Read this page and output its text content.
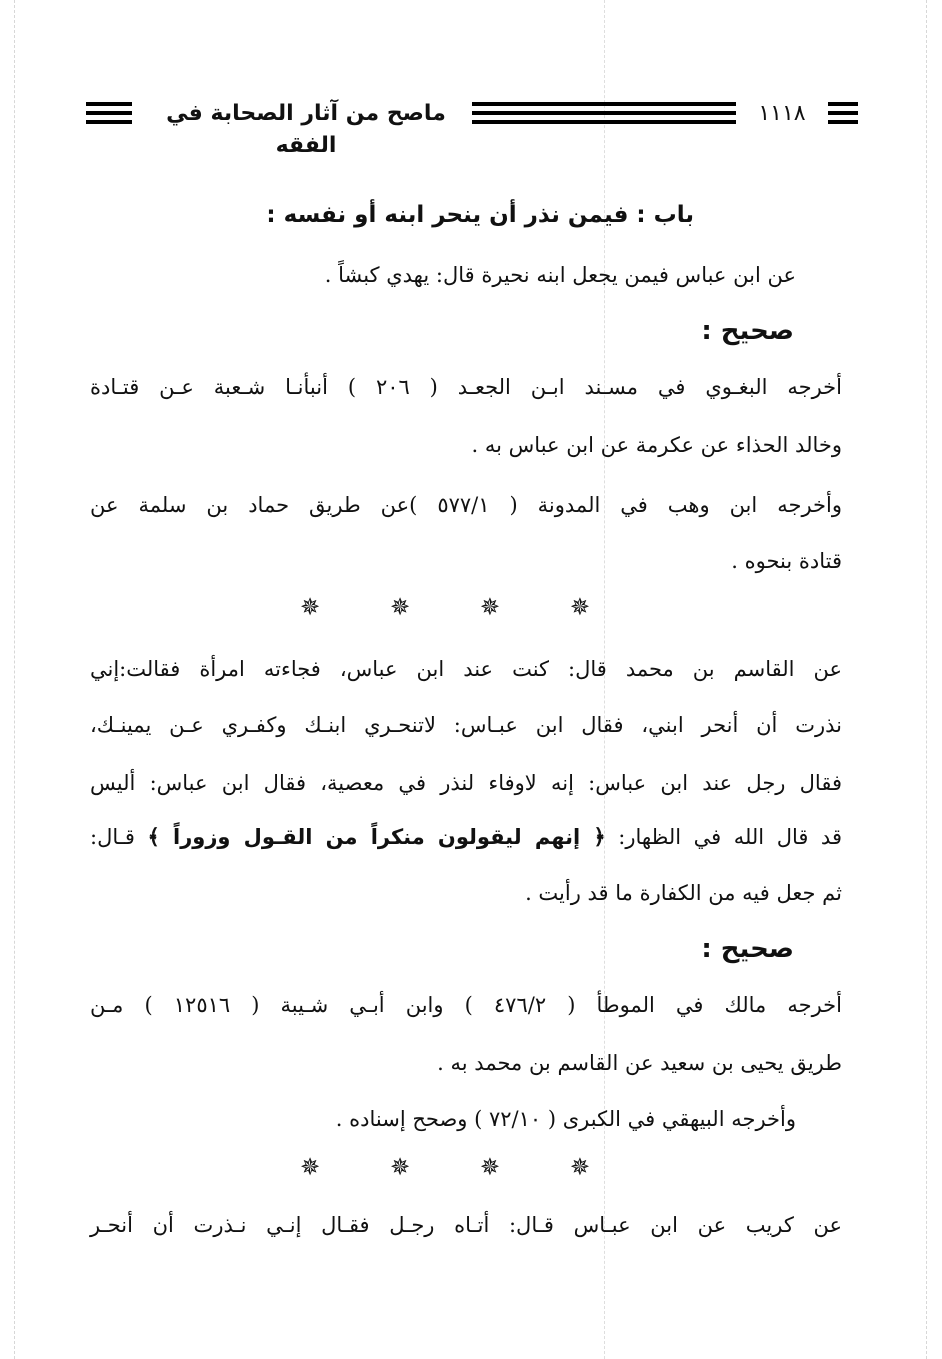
ماصح من آثار الصحابة في الفقه
١١١٨
باب : فيمن نذر أن ينحر ابنه أو نفسه :
عن ابن عباس فيمن يجعل ابنه نحيرة قال: يهدي كبشاً .
صحيح :
أخرجه البغـوي في مسـند ابـن الجعـد ( ٢٠٦ ) أنبأنـا شـعبة عـن قتـادة
وخالد الحذاء عن عكرمة عن ابن عباس به .
وأخرجه ابن وهب في المدونة ( ٥٧٧/١ )عن طريق حماد بن سلمة عن
قتادة بنحوه .
✵	✵	✵	✵
عن القاسم بن محمد قال: كنت عند ابن عباس، فجاءته امرأة فقالت:إني
نذرت أن أنحر ابني، فقال ابن عبـاس: لاتنحـري ابنـك وكفـري عـن يمينـك،
فقال رجل عند ابن عباس: إنه لاوفاء لنذر في معصية، فقال ابن عباس: أليس
قد قال الله في الظهار: ﴿ إنهم ليقولون منكراً من القـول وزوراً ﴾ قـال:
ثم جعل فيه من الكفارة ما قد رأيت .
صحيح :
أخرجه مالك في الموطأ ( ٤٧٦/٢ ) وابن أبـي شـيبة ( ١٢٥١٦ ) مـن
طريق يحيى بن سعيد عن القاسم بن محمد به .
وأخرجه البيهقي في الكبرى ( ٧٢/١٠ ) وصحح إسناده .
✵	✵	✵	✵
عن كريب عن ابن عبـاس قـال: أتـاه رجـل فقـال إنـي نـذرت أن أنحـر
